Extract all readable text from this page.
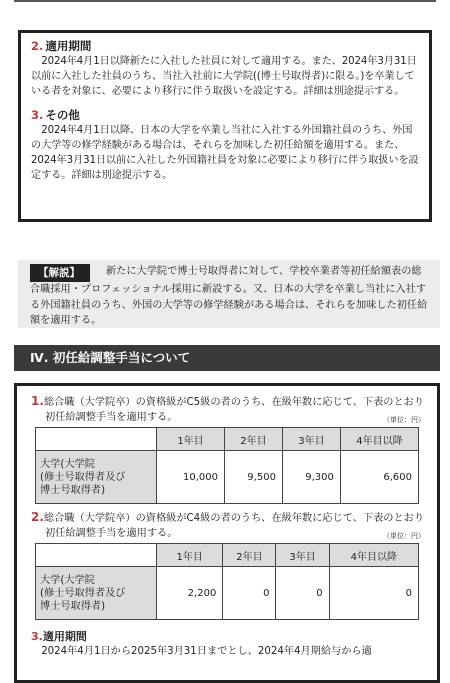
2. 適用期間

2024年4月1日以降新たに入社した社員に対して適用する。また、2024年3月31日以前に入社した社員のうち、当社入社前に大学院((博士号取得者)に限る。)を卒業している者を対象に、必要により移行に伴う取扱いを設定する。詳細は別途提示する。

3. その他

2024年4月1日以降、日本の大学を卒業し当社に入社する外国籍社員のうち、外国の大学等の修学経験がある場合は、それらを加味した初任給額を適用する。また、2024年3月31日以前に入社した外国籍社員を対象に必要により移行に伴う取扱いを設定する。詳細は別途提示する。

【解説】	新たに大学院で博士号取得者に対して、学校卒業者等初任給額表の総合職採用・プロフェッショナル採用に新設する。又、日本の大学を卒業し当社に入社する外国籍社員のうち、外国の大学等の修学経験がある場合は、それらを加味した初任給額を適用する。

Ⅳ. 初任給調整手当について

1.総合職（大学院卒）の資格級がC5級の者のうち、在級年数に応じて、下表のとおり初任給調整手当を適用する。	（単位：円）
	1年目	2年目	3年目	4年目以降

大学(大学院
(修士号取得者及び
博士号取得者)	10,000	9,500	9,300	6,600

2.総合職（大学院卒）の資格級がC4級の者のうち、在級年数に応じて、下表のとおり初任給調整手当を適用する。	（単位：円）
	1年目	2年目	3年目	4年目以降

大学(大学院
(修士号取得者及び
博士号取得者)	2,200	0	0	0

3.適用期間

2024年4月1日から2025年3月31日までとし、2024年4月期給与から適
